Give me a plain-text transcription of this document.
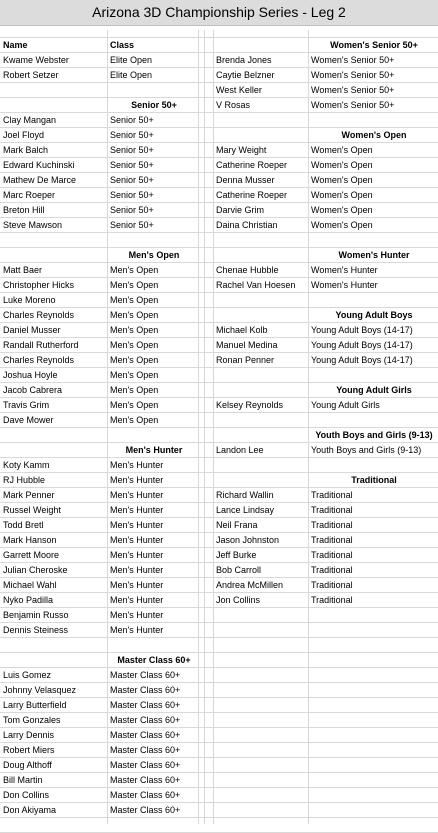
Arizona 3D Championship Series - Leg 2
Name	Class
Kwame Webster	Elite Open
Robert Setzer	Elite Open
Senior 50+
Clay Mangan	Senior 50+
Joel Floyd	Senior 50+
Mark Balch	Senior 50+
Edward Kuchinski	Senior 50+
Mathew De Marce	Senior 50+
Marc Roeper	Senior 50+
Breton Hill	Senior 50+
Steve Mawson	Senior 50+
Men's Open
Matt Baer	Men's Open
Christopher Hicks	Men's Open
Luke Moreno	Men's Open
Charles Reynolds	Men's Open
Daniel Musser	Men's Open
Randall Rutherford	Men's Open
Charles Reynolds	Men's Open
Joshua Hoyle	Men's Open
Jacob Cabrera	Men's Open
Travis Grim	Men's Open
Dave Mower	Men's Open
Men's Hunter
Koty Kamm	Men's Hunter
RJ Hubble	Men's Hunter
Mark Penner	Men's Hunter
Russel Weight	Men's Hunter
Todd Bretl	Men's Hunter
Mark Hanson	Men's Hunter
Garrett Moore	Men's Hunter
Julian Cheroske	Men's Hunter
Michael Wahl	Men's Hunter
Nyko Padilla	Men's Hunter
Benjamin Russo	Men's Hunter
Dennis Steiness	Men's Hunter
Master Class 60+
Luis Gomez	Master Class 60+
Johnny Velasquez	Master Class 60+
Larry Butterfield	Master Class 60+
Tom Gonzales	Master Class 60+
Larry Dennis	Master Class 60+
Robert Miers	Master Class 60+
Doug Althoff	Master Class 60+
Bill Martin	Master Class 60+
Don Collins	Master Class 60+
Don Akiyama	Master Class 60+
Women's Senior 50+
Brenda Jones	Women's Senior 50+
Caytie Belzner	Women's Senior 50+
West Keller	Women's Senior 50+
V Rosas	Women's Senior 50+
Women's Open
Mary Weight	Women's Open
Catherine Roeper	Women's Open
Denna Musser	Women's Open
Catherine Roeper	Women's Open
Darvie Grim	Women's Open
Daina Christian	Women's Open
Women's Hunter
Chenae Hubble	Women's Hunter
Rachel Van Hoesen	Women's Hunter
Young Adult Boys
Michael Kolb	Young Adult Boys (14-17)
Manuel Medina	Young Adult Boys (14-17)
Ronan Penner	Young Adult Boys (14-17)
Young Adult Girls
Kelsey Reynolds	Young Adult Girls
Youth Boys and Girls (9-13)
Landon Lee	Youth Boys and Girls (9-13)
Traditional
Richard Wallin	Traditional
Lance Lindsay	Traditional
Neil Frana	Traditional
Jason Johnston	Traditional
Jeff Burke	Traditional
Bob Carroll	Traditional
Andrea McMillen	Traditional
Jon Collins	Traditional
